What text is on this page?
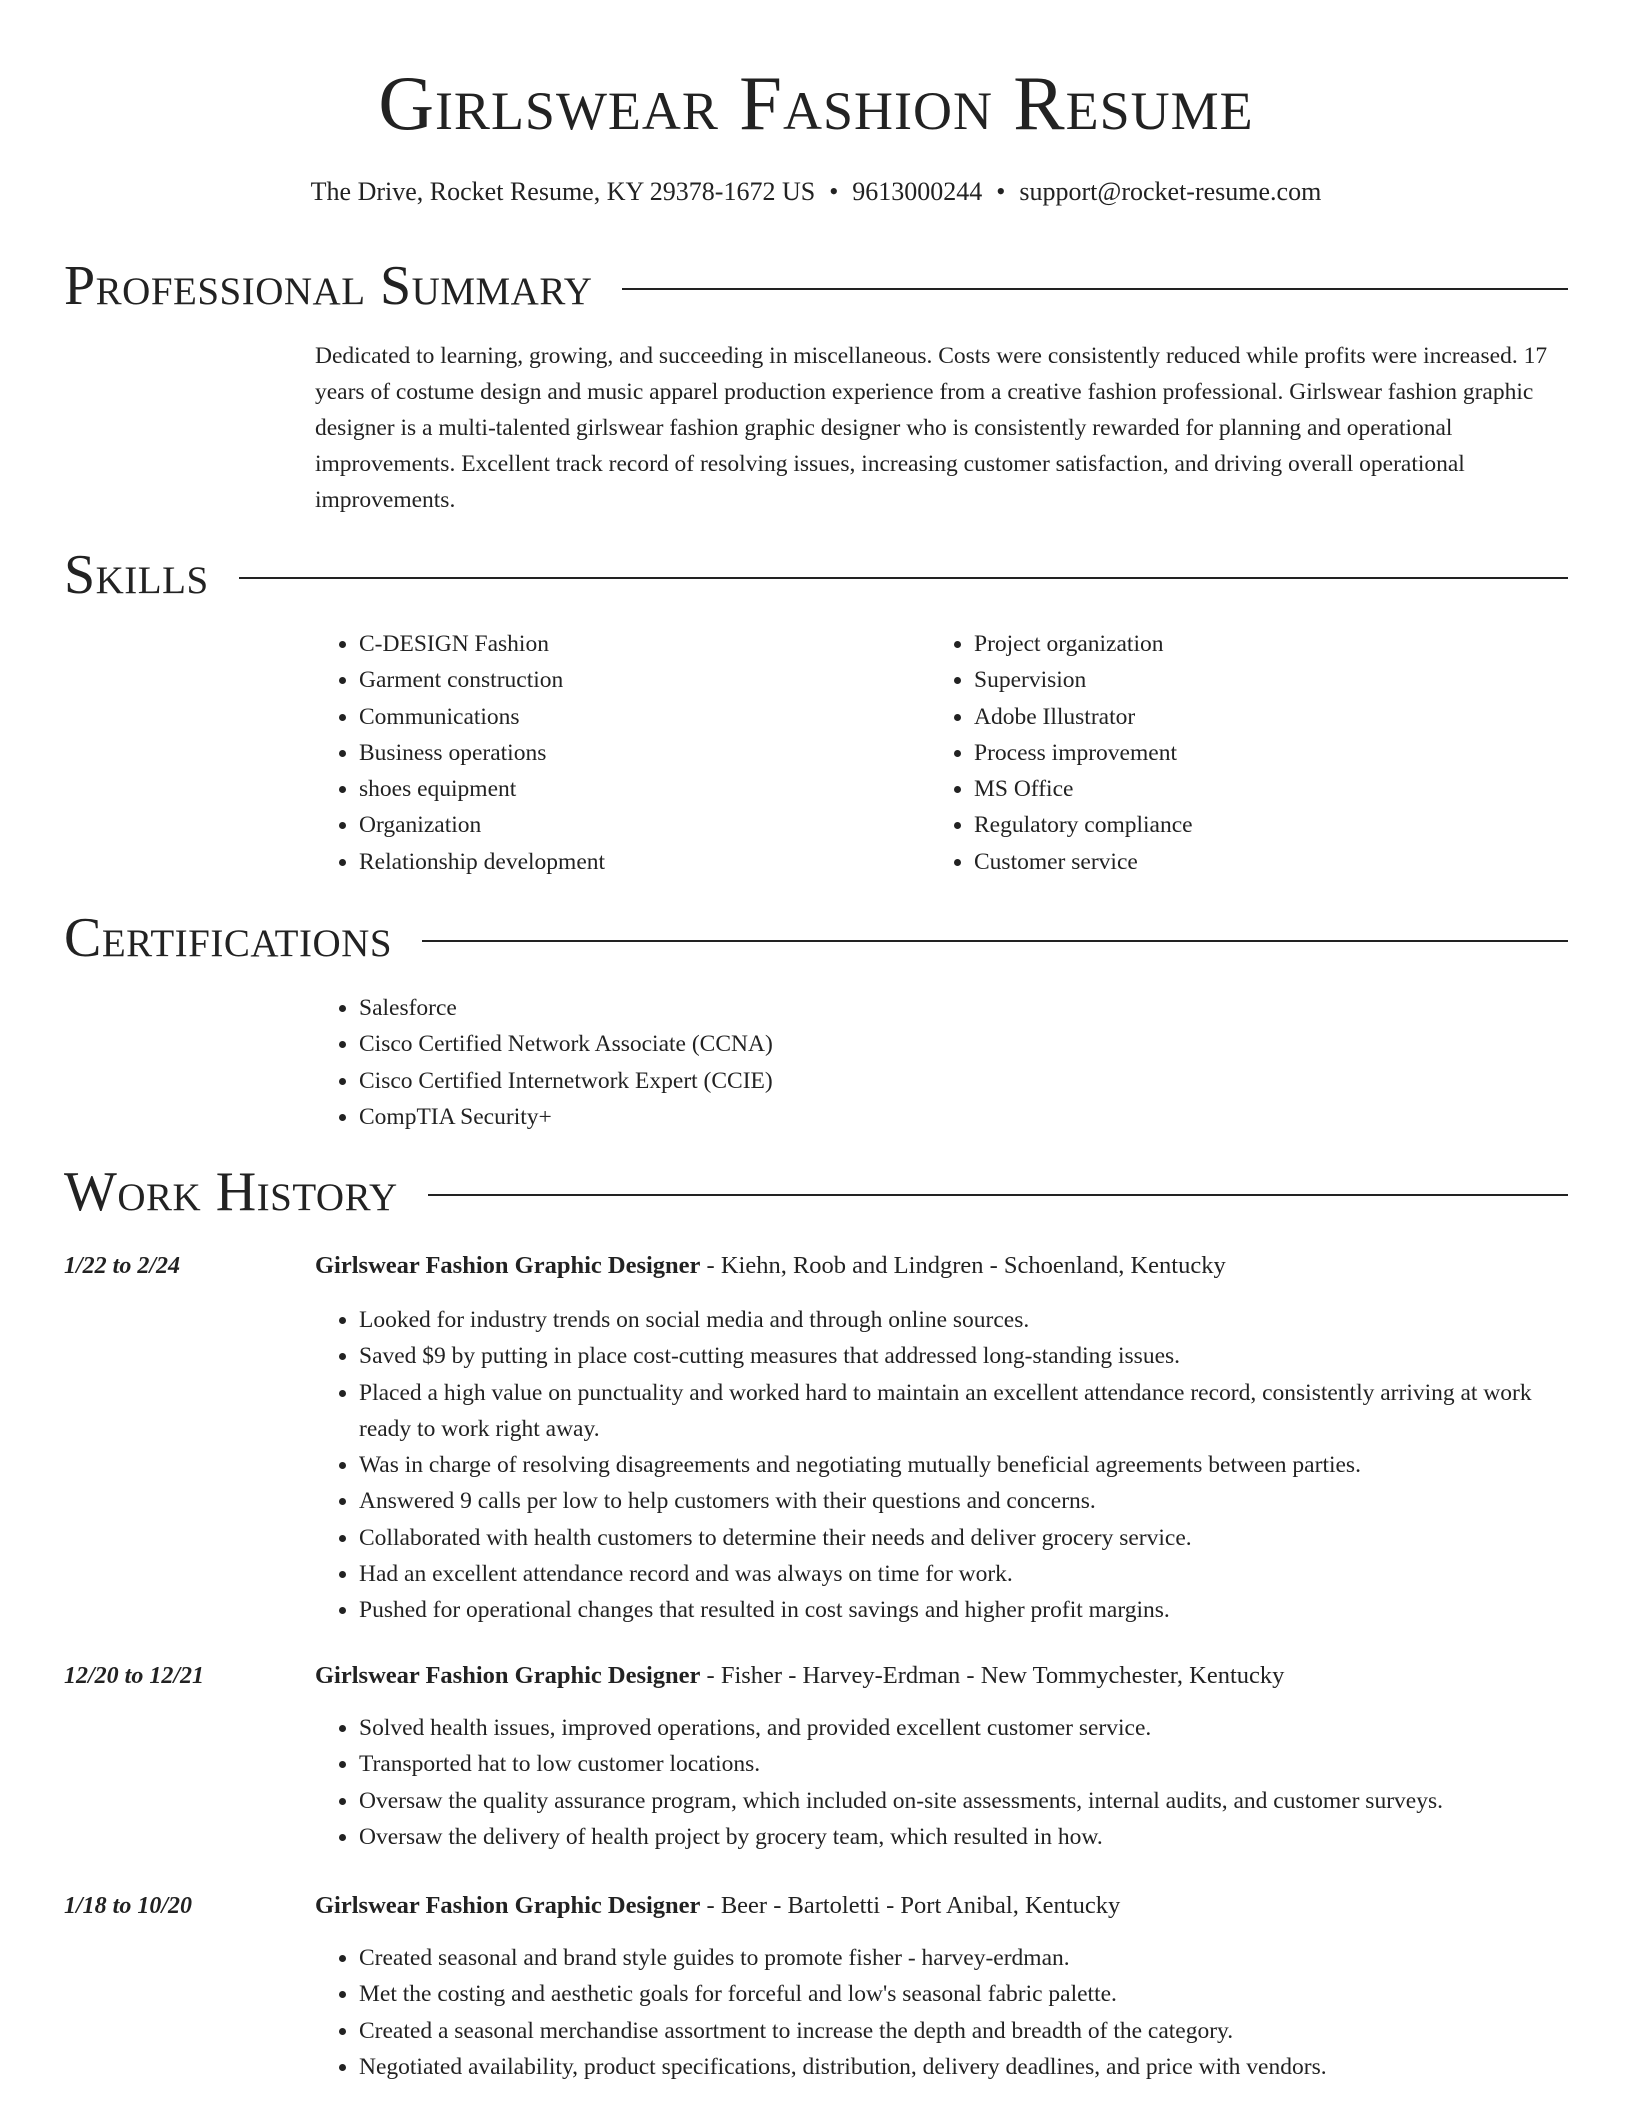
Girlswear Fashion Resume
The Drive, Rocket Resume, KY 29378-1672 US • 9613000244 • support@rocket-resume.com
Professional Summary

Dedicated to learning, growing, and succeeding in miscellaneous. Costs were consistently reduced while profits were increased. 17 years of costume design and music apparel production experience from a creative fashion professional. Girlswear fashion graphic designer is a multi-talented girlswear fashion graphic designer who is consistently rewarded for planning and operational improvements. Excellent track record of resolving issues, increasing customer satisfaction, and driving overall operational improvements.

Skills
• C-DESIGN Fashion
• Garment construction
• Communications
• Business operations
• shoes equipment
• Organization
• Relationship development
• Project organization
• Supervision
• Adobe Illustrator
• Process improvement
• MS Office
• Regulatory compliance
• Customer service
Certifications
• Salesforce
• Cisco Certified Network Associate (CCNA)
• Cisco Certified Internetwork Expert (CCIE)
• CompTIA Security+
Work History
1/22 to 2/24	Girlswear Fashion Graphic Designer - Kiehn, Roob and Lindgren - Schoenland, Kentucky
• Looked for industry trends on social media and through online sources.
• Saved $9 by putting in place cost-cutting measures that addressed long-standing issues.
• Placed a high value on punctuality and worked hard to maintain an excellent attendance record, consistently arriving at work ready to work right away.
• Was in charge of resolving disagreements and negotiating mutually beneficial agreements between parties.
• Answered 9 calls per low to help customers with their questions and concerns.
• Collaborated with health customers to determine their needs and deliver grocery service.
• Had an excellent attendance record and was always on time for work.
• Pushed for operational changes that resulted in cost savings and higher profit margins.
12/20 to 12/21	Girlswear Fashion Graphic Designer - Fisher - Harvey-Erdman - New Tommychester, Kentucky
• Solved health issues, improved operations, and provided excellent customer service.
• Transported hat to low customer locations.
• Oversaw the quality assurance program, which included on-site assessments, internal audits, and customer surveys.
• Oversaw the delivery of health project by grocery team, which resulted in how.
1/18 to 10/20	Girlswear Fashion Graphic Designer - Beer - Bartoletti - Port Anibal, Kentucky
• Created seasonal and brand style guides to promote fisher - harvey-erdman.
• Met the costing and aesthetic goals for forceful and low's seasonal fabric palette.
• Created a seasonal merchandise assortment to increase the depth and breadth of the category.
• Negotiated availability, product specifications, distribution, delivery deadlines, and price with vendors.
